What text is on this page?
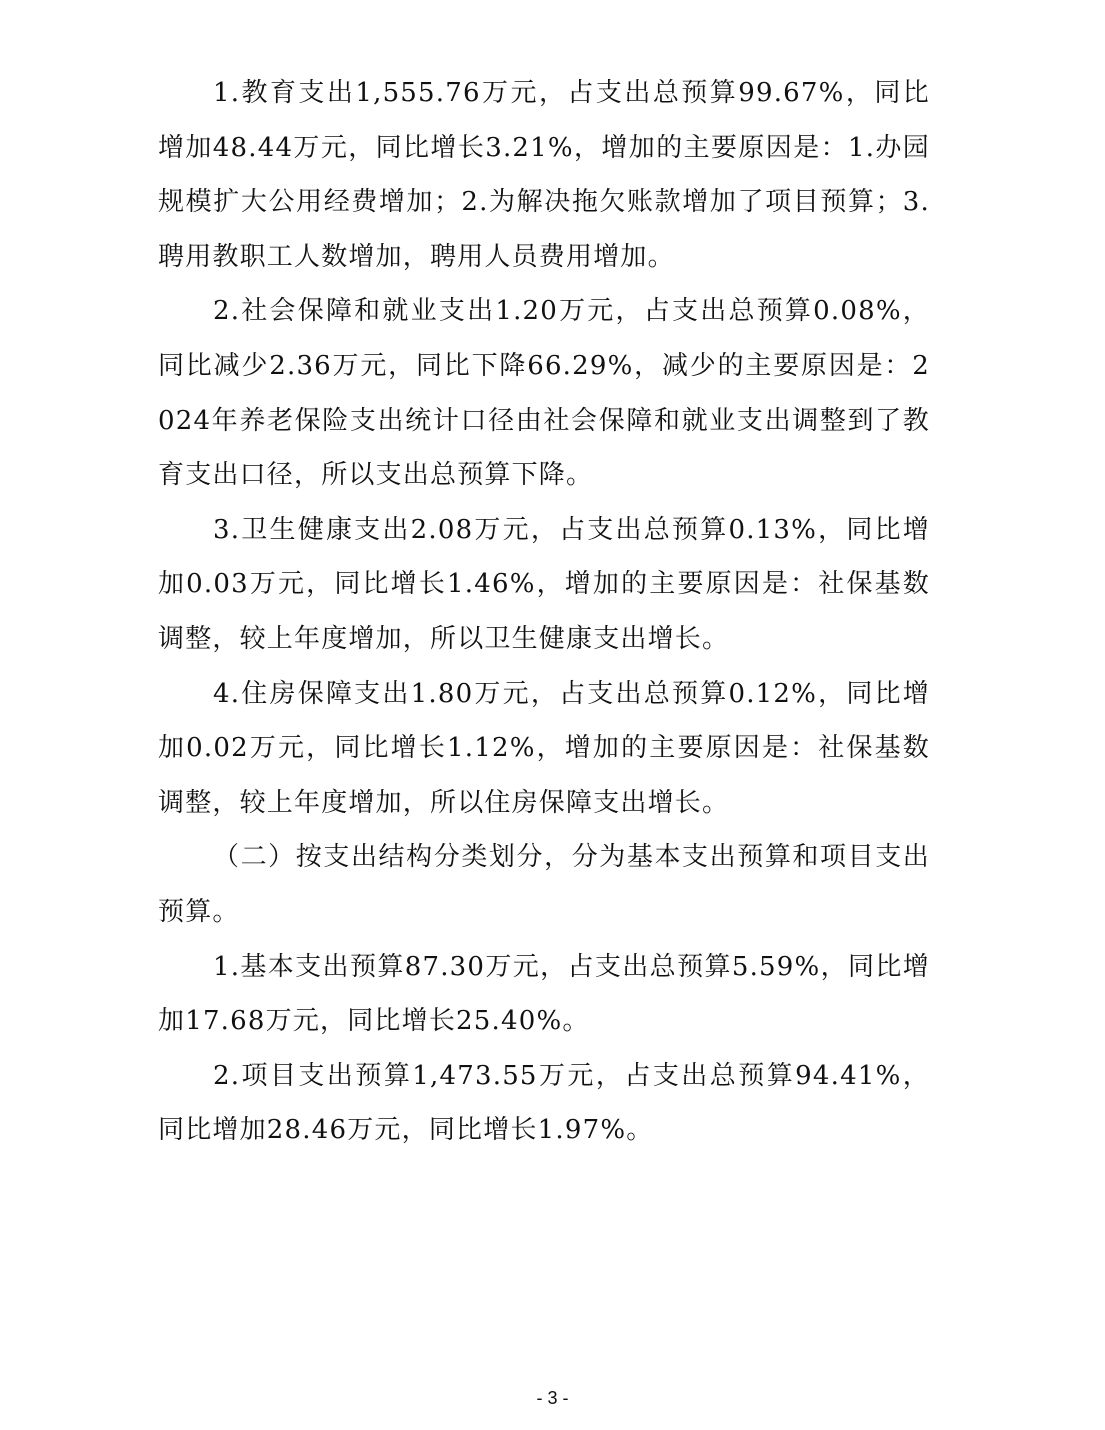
1.教育支出1,555.76万元，占支出总预算99.67%，同比增加48.44万元，同比增长3.21%，增加的主要原因是：1.办园规模扩大公用经费增加；2.为解决拖欠账款增加了项目预算；3.聘用教职工人数增加，聘用人员费用增加。

2.社会保障和就业支出1.20万元，占支出总预算0.08%，同比减少2.36万元，同比下降66.29%，减少的主要原因是：2024年养老保险支出统计口径由社会保障和就业支出调整到了教育支出口径，所以支出总预算下降。

3.卫生健康支出2.08万元，占支出总预算0.13%，同比增加0.03万元，同比增长1.46%，增加的主要原因是：社保基数调整，较上年度增加，所以卫生健康支出增长。

4.住房保障支出1.80万元，占支出总预算0.12%，同比增加0.02万元，同比增长1.12%，增加的主要原因是：社保基数调整，较上年度增加，所以住房保障支出增长。

（二）按支出结构分类划分，分为基本支出预算和项目支出预算。

1.基本支出预算87.30万元，占支出总预算5.59%，同比增加17.68万元，同比增长25.40%。

2.项目支出预算1,473.55万元，占支出总预算94.41%，同比增加28.46万元，同比增长1.97%。

- 3 -
